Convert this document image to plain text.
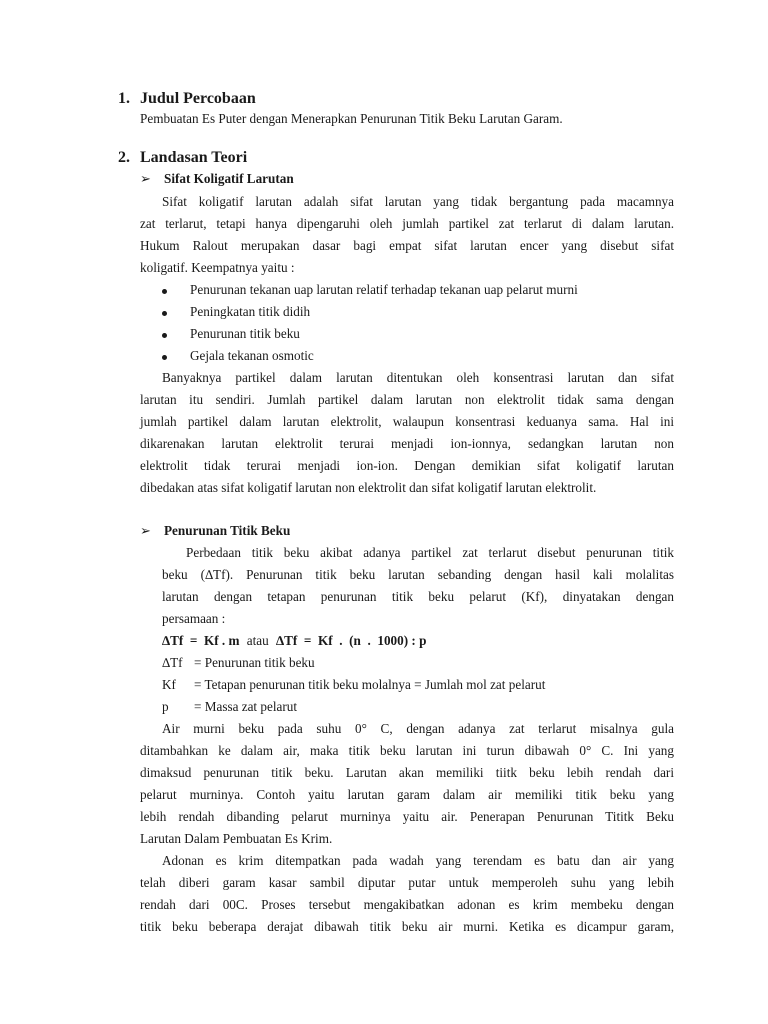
1. Judul Percobaan
Pembuatan Es Puter dengan Menerapkan Penurunan Titik Beku Larutan Garam.
2. Landasan Teori
➢ Sifat Koligatif Larutan
Sifat koligatif larutan adalah sifat larutan yang tidak bergantung pada macamnya
zat terlarut, tetapi hanya dipengaruhi oleh jumlah partikel zat terlarut di dalam larutan.
Hukum Ralout merupakan dasar bagi empat sifat larutan encer yang disebut sifat
koligatif. Keempatnya yaitu :
Penurunan tekanan uap larutan relatif terhadap tekanan uap pelarut murni
Peningkatan titik didih
Penurunan titik beku
Gejala tekanan osmotic
Banyaknya partikel dalam larutan ditentukan oleh konsentrasi larutan dan sifat
larutan itu sendiri. Jumlah partikel dalam larutan non elektrolit tidak sama dengan
jumlah partikel dalam larutan elektrolit, walaupun konsentrasi keduanya sama. Hal ini
dikarenakan larutan elektrolit terurai menjadi ion-ionnya, sedangkan larutan non
elektrolit tidak terurai menjadi ion-ion. Dengan demikian sifat koligatif larutan
dibedakan atas sifat koligatif larutan non elektrolit dan sifat koligatif larutan elektrolit.
➢ Penurunan Titik Beku
Perbedaan titik beku akibat adanya partikel zat terlarut disebut penurunan titik
beku (∆Tf). Penurunan titik beku larutan sebanding dengan hasil kali molalitas
larutan dengan tetapan penurunan titik beku pelarut (Kf), dinyatakan dengan
persamaan :
∆Tf  =  Kf . m atau ∆Tf  =  Kf  .  (n  .  1000) : p
∆Tf = Penurunan titik beku
Kf = Tetapan penurunan titik beku molalnya = Jumlah mol zat pelarut
p = Massa zat pelarut
Air murni beku pada suhu 0° C, dengan adanya zat terlarut misalnya gula
ditambahkan ke dalam air, maka titik beku larutan ini turun dibawah 0° C. Ini yang
dimaksud penurunan titik beku. Larutan akan memiliki tiitk beku lebih rendah dari
pelarut murninya. Contoh yaitu larutan garam dalam air memiliki titik beku yang
lebih rendah dibanding pelarut murninya yaitu air. Penerapan Penurunan Tititk Beku
Larutan Dalam Pembuatan Es Krim.
Adonan es krim ditempatkan pada wadah yang terendam es batu dan air yang
telah diberi garam kasar sambil diputar putar untuk memperoleh suhu yang lebih
rendah dari 00C. Proses tersebut mengakibatkan adonan es krim membeku dengan
titik beku beberapa derajat dibawah titik beku air murni. Ketika es dicampur garam,
